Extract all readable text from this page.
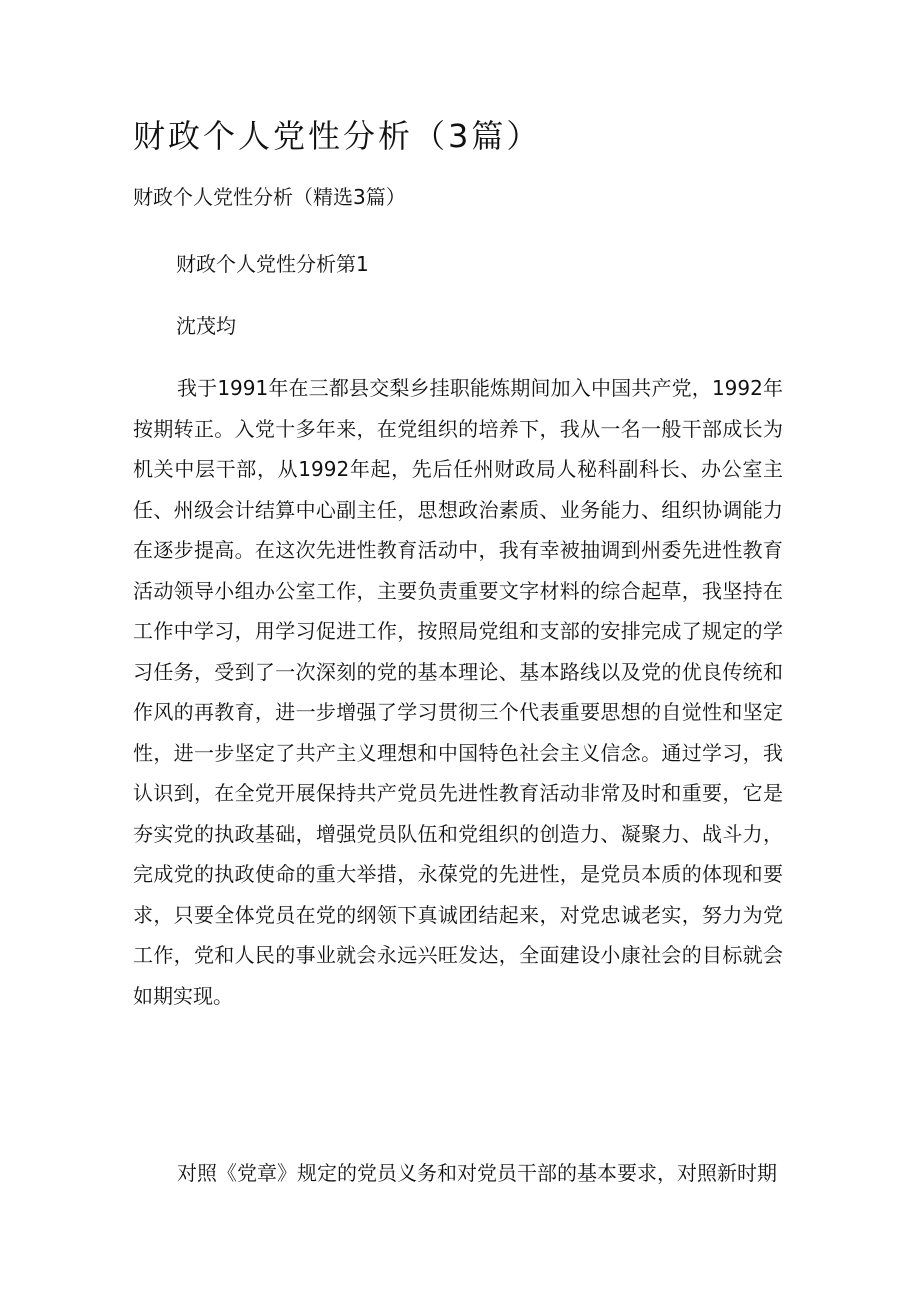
财政个人党性分析（3篇）

财政个人党性分析（精选3篇）

财政个人党性分析第1

沈茂均

我于1991年在三都县交梨乡挂职能炼期间加入中国共产党，1992年按期转正。入党十多年来，在党组织的培养下，我从一名一般干部成长为机关中层干部，从1992年起，先后任州财政局人秘科副科长、办公室主任、州级会计结算中心副主任，思想政治素质、业务能力、组织协调能力在逐步提高。在这次先进性教育活动中，我有幸被抽调到州委先进性教育活动领导小组办公室工作，主要负责重要文字材料的综合起草，我坚持在工作中学习，用学习促进工作，按照局党组和支部的安排完成了规定的学习任务，受到了一次深刻的党的基本理论、基本路线以及党的优良传统和作风的再教育，进一步增强了学习贯彻三个代表重要思想的自觉性和坚定性，进一步坚定了共产主义理想和中国特色社会主义信念。通过学习，我认识到，在全党开展保持共产党员先进性教育活动非常及时和重要，它是夯实党的执政基础，增强党员队伍和党组织的创造力、凝聚力、战斗力，完成党的执政使命的重大举措，永葆党的先进性，是党员本质的体现和要求，只要全体党员在党的纲领下真诚团结起来，对党忠诚老实，努力为党工作，党和人民的事业就会永远兴旺发达，全面建设小康社会的目标就会如期实现。

对照《党章》规定的党员义务和对党员干部的基本要求，对照新时期
